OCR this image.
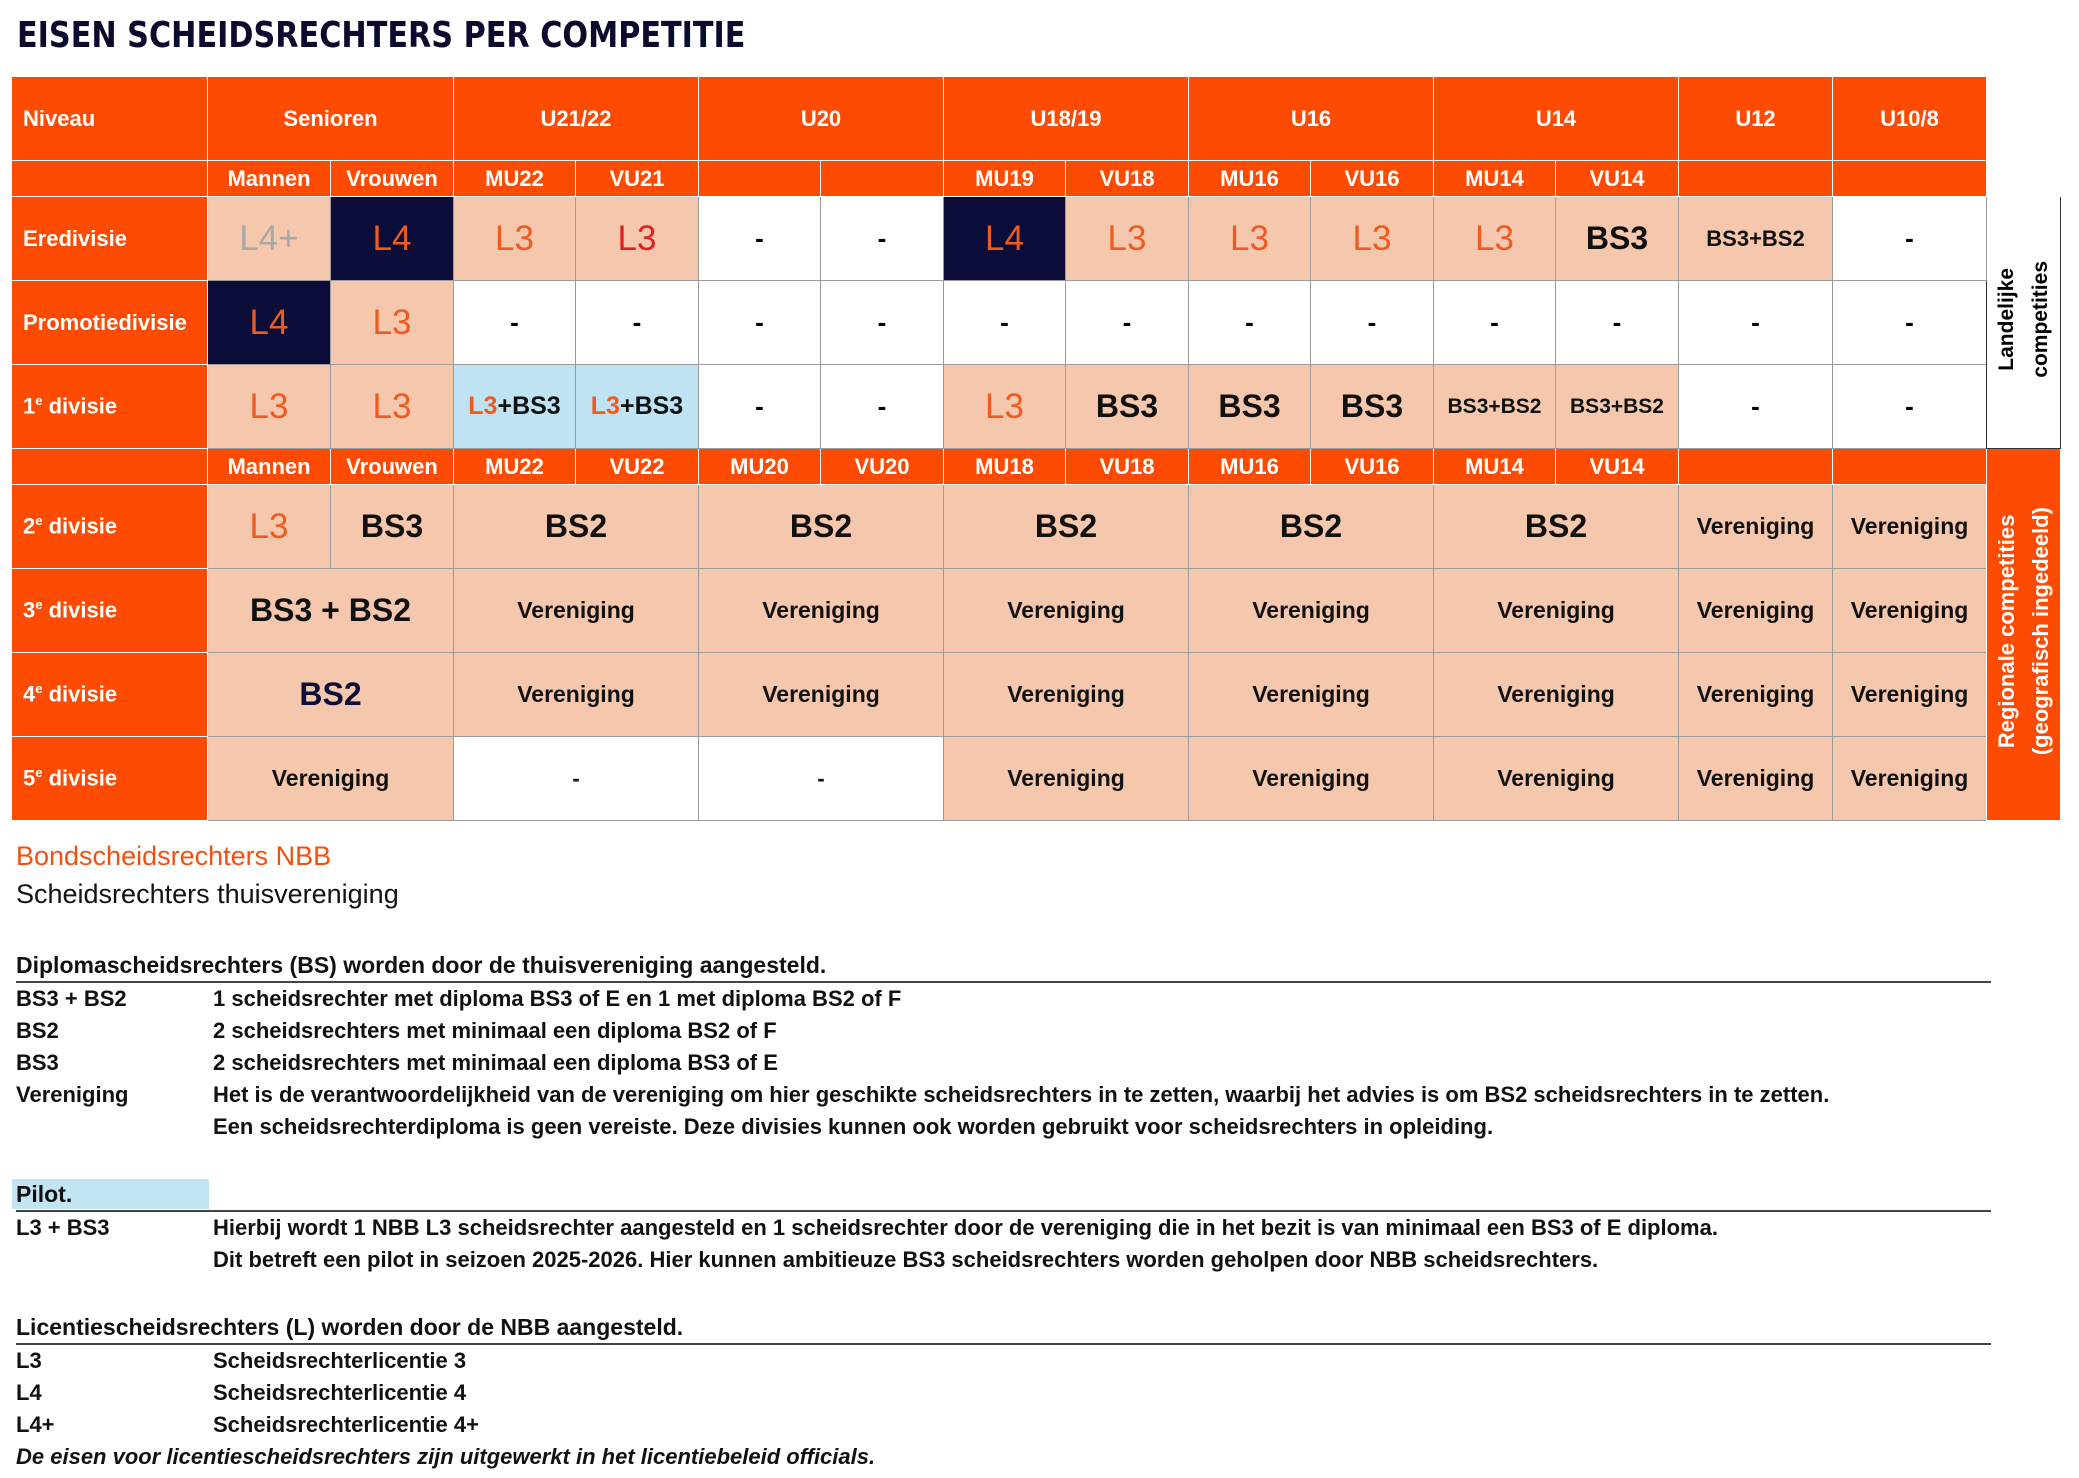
EISEN SCHEIDSRECHTERS PER COMPETITIE
Niveau	Senioren		U21/22		U20		U18/19		U16		U14		U12	U10/8	
	Mannen	Vrouwen	MU22	VU21			MU19	VU18	MU16	VU16	MU14	VU14			
Eredivisie	L4+	L4	L3	L3	-	-	L4	L3	L3	L3	L3	BS3	BS3+BS2	-	Landelijke competities
Promotiedivisie	L4	L3	-	-	-	-	-	-	-	-	-	-	-	-	
1e divisie	L3	L3	L3+BS3	L3+BS3	-	-	L3	BS3	BS3	BS3	BS3+BS2	BS3+BS2	-	-	
	Mannen	Vrouwen	MU22	VU22	MU20	VU20	MU18	VU18	MU16	VU16	MU14	VU14			Regionale competities (geografisch ingedeeld)
2e divisie	L3	BS3	BS2		BS2		BS2		BS2		BS2		Vereniging	Vereniging	
3e divisie	BS3 + BS2		Vereniging		Vereniging		Vereniging		Vereniging		Vereniging		Vereniging	Vereniging	
4e divisie	BS2		Vereniging		Vereniging		Vereniging		Vereniging		Vereniging		Vereniging	Vereniging	
5e divisie	Vereniging		-		-		Vereniging		Vereniging		Vereniging		Vereniging	Vereniging	
Bondscheidsrechters NBB
Scheidsrechters thuisvereniging
Diplomascheidsrechters (BS) worden door de thuisvereniging aangesteld.
BS3 + BS2	1 scheidsrechter met diploma BS3 of E en 1 met diploma BS2 of F
BS2	2 scheidsrechters met minimaal een diploma BS2 of F
BS3	2 scheidsrechters met minimaal een diploma BS3 of E
Vereniging	Het is de verantwoordelijkheid van de vereniging om hier geschikte scheidsrechters in te zetten, waarbij het advies is om BS2 scheidsrechters in te zetten.
Een scheidsrechterdiploma is geen vereiste. Deze divisies kunnen ook worden gebruikt voor scheidsrechters in opleiding.
Pilot.
L3 + BS3	Hierbij wordt 1 NBB L3 scheidsrechter aangesteld en 1 scheidsrechter door de vereniging die in het bezit is van minimaal een BS3 of E diploma.
Dit betreft een pilot in seizoen 2025-2026. Hier kunnen ambitieuze BS3 scheidsrechters worden geholpen door NBB scheidsrechters.
Licentiescheidsrechters (L) worden door de NBB aangesteld.
L3	Scheidsrechterlicentie 3
L4	Scheidsrechterlicentie 4
L4+	Scheidsrechterlicentie 4+
De eisen voor licentiescheidsrechters zijn uitgewerkt in het licentiebeleid officials.
